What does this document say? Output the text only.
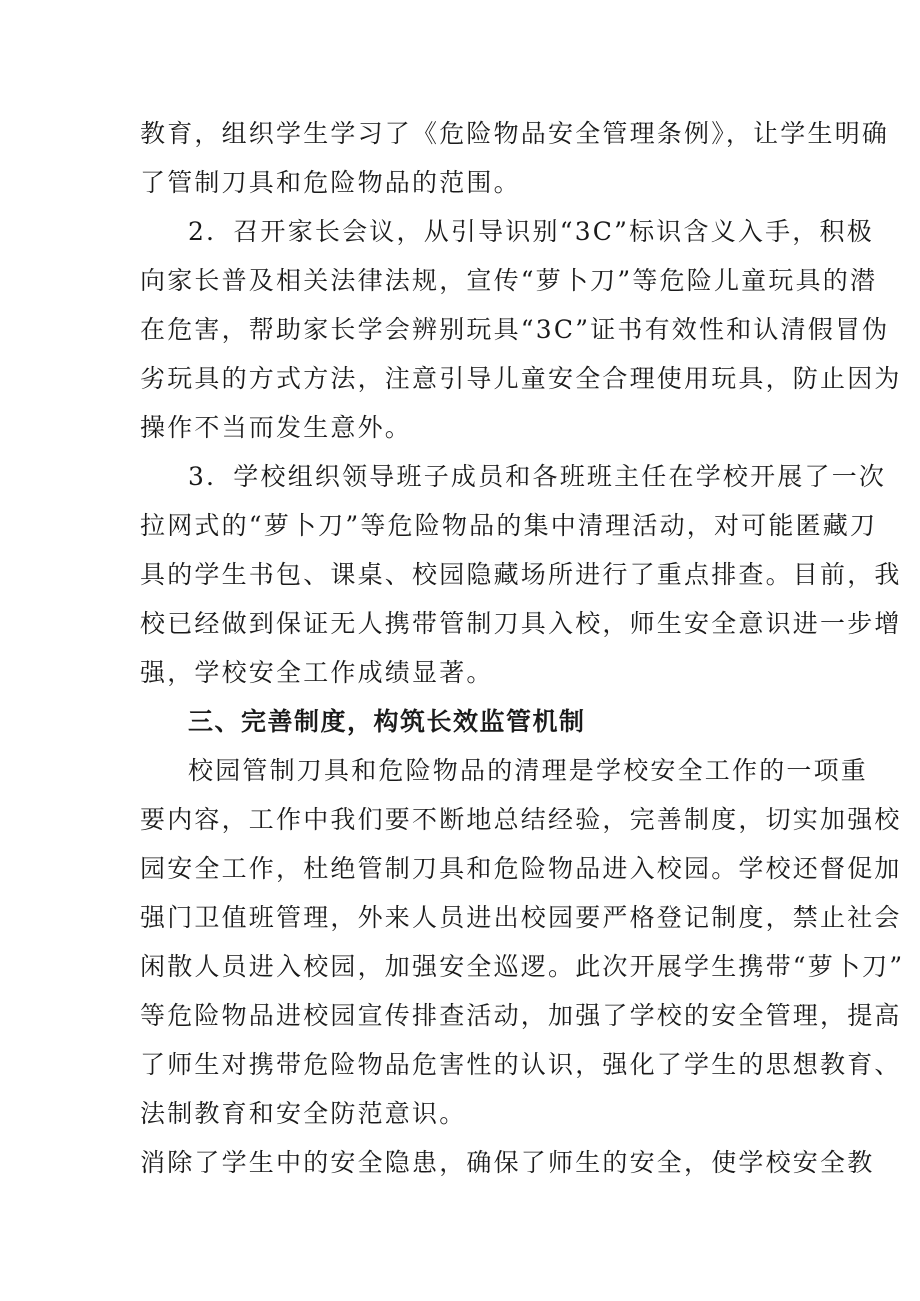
教育，组织学生学习了《危险物品安全管理条例》，让学生明确
了管制刀具和危险物品的范围。
2．召开家长会议，从引导识别“3C”标识含义入手，积极
向家长普及相关法律法规，宣传“萝卜刀”等危险儿童玩具的潜
在危害，帮助家长学会辨别玩具“3C”证书有效性和认清假冒伪
劣玩具的方式方法，注意引导儿童安全合理使用玩具，防止因为
操作不当而发生意外。
3．学校组织领导班子成员和各班班主任在学校开展了一次
拉网式的“萝卜刀”等危险物品的集中清理活动，对可能匿藏刀
具的学生书包、课桌、校园隐藏场所进行了重点排查。目前，我
校已经做到保证无人携带管制刀具入校，师生安全意识进一步增
强，学校安全工作成绩显著。
三、完善制度，构筑长效监管机制
校园管制刀具和危险物品的清理是学校安全工作的一项重
要内容，工作中我们要不断地总结经验，完善制度，切实加强校
园安全工作，杜绝管制刀具和危险物品进入校园。学校还督促加
强门卫值班管理，外来人员进出校园要严格登记制度，禁止社会
闲散人员进入校园，加强安全巡逻。此次开展学生携带“萝卜刀”
等危险物品进校园宣传排查活动，加强了学校的安全管理，提高
了师生对携带危险物品危害性的认识，强化了学生的思想教育、
法制教育和安全防范意识。
消除了学生中的安全隐患，确保了师生的安全，使学校安全教
